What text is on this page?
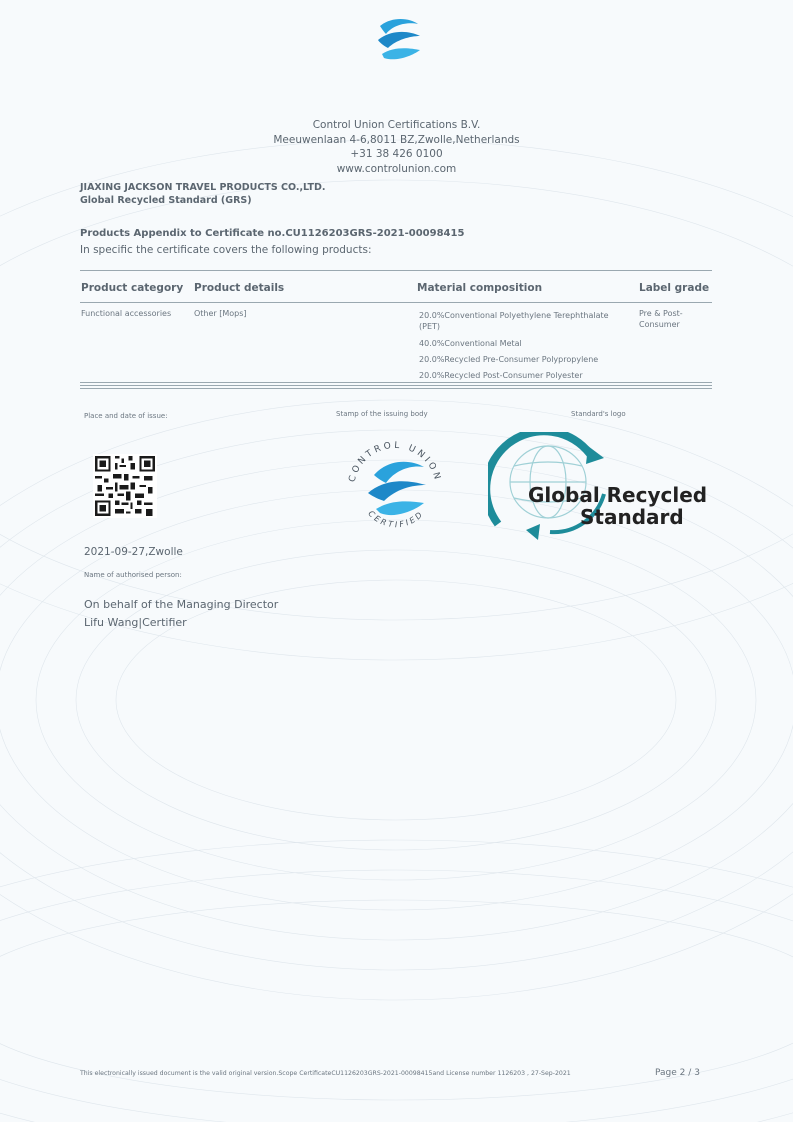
Control Union Certifications B.V.
Meeuwenlaan 4-6,8011 BZ,Zwolle,Netherlands
+31 38 426 0100
www.controlunion.com
JIAXING JACKSON TRAVEL PRODUCTS CO.,LTD.
Global Recycled Standard (GRS)
Products Appendix to Certificate no.CU1126203GRS-2021-00098415
In specific the certificate covers the following products:
Product category Product details	Material composition	Label grade
Functional accessories	Other [Mops]	20.0%Conventional Polyethylene Terephthalate (PET)
40.0%Conventional Metal
20.0%Recycled Pre-Consumer Polypropylene
20.0%Recycled Post-Consumer Polyester
Pre & Post-Consumer
Place and date of issue:	Stamp of the issuing body	Standard's logo
CONTROL UNION
CERTIFIED
Global Recycled
Standard
2021-09-27,Zwolle
Name of authorised person:
On behalf of the Managing Director
Lifu Wang|Certifier
This electronically issued document is the valid original version.Scope CertificateCU1126203GRS-2021-00098415and License number 1126203 , 27-Sep-2021	Page 2 / 3
